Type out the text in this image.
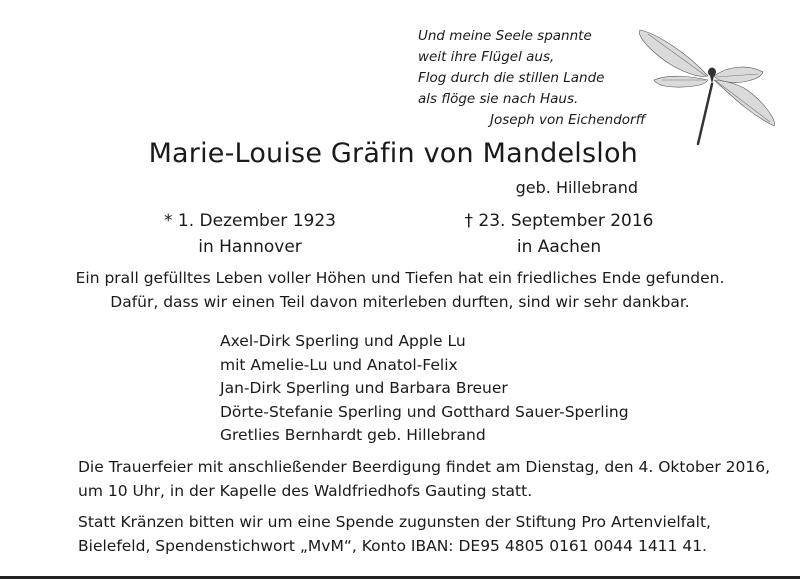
Und meine Seele spannte
weit ihre Flügel aus,
Flog durch die stillen Lande
als flöge sie nach Haus.
Joseph von Eichendorff
Marie-Louise Gräfin von Mandelsloh
geb. Hillebrand
* 1. Dezember 1923
in Hannover
† 23. September 2016
in Aachen
Ein prall gefülltes Leben voller Höhen und Tiefen hat ein friedliches Ende gefunden.
Dafür, dass wir einen Teil davon miterleben durften, sind wir sehr dankbar.
Axel-Dirk Sperling und Apple Lu
mit Amelie-Lu und Anatol-Felix
Jan-Dirk Sperling und Barbara Breuer
Dörte-Stefanie Sperling und Gotthard Sauer-Sperling
Gretlies Bernhardt geb. Hillebrand
Die Trauerfeier mit anschließender Beerdigung findet am Dienstag, den 4. Oktober 2016,
um 10 Uhr, in der Kapelle des Waldfriedhofs Gauting statt.
Statt Kränzen bitten wir um eine Spende zugunsten der Stiftung Pro Artenvielfalt,
Bielefeld, Spendenstichwort „MvM“, Konto IBAN: DE95 4805 0161 0044 1411 41.
